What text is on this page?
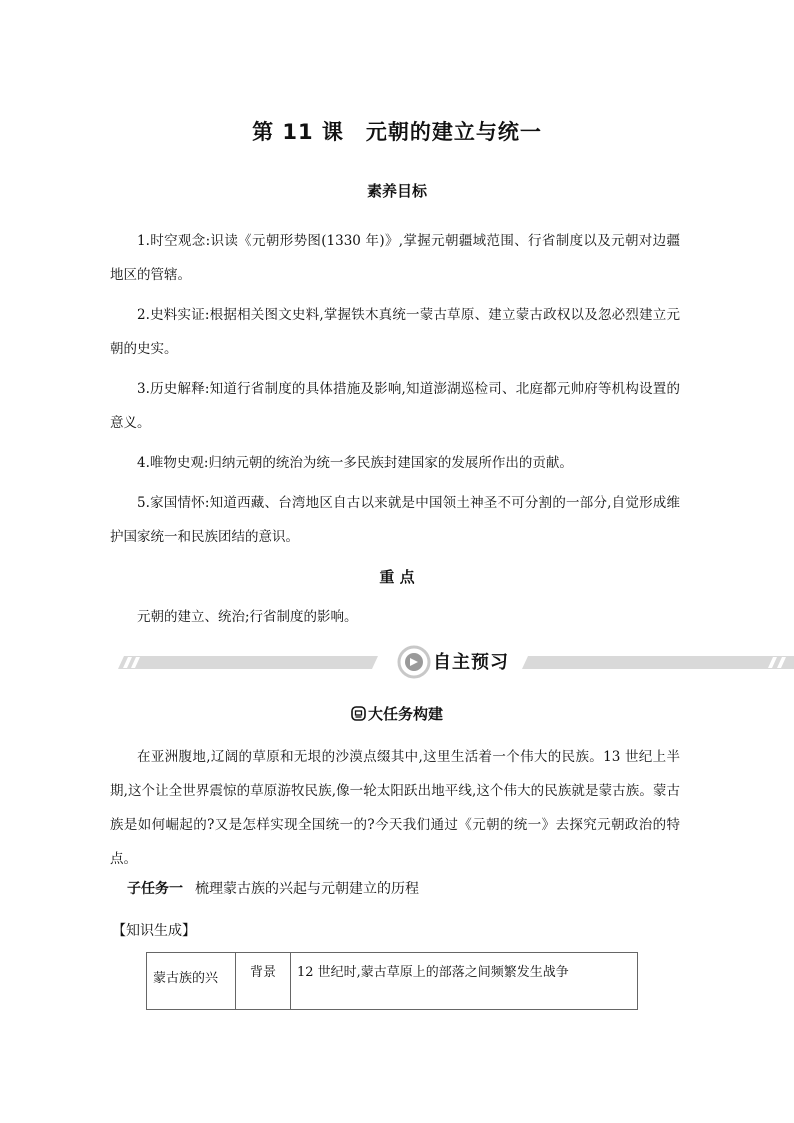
第 11 课　元朝的建立与统一
素养目标

1.时空观念:识读《元朝形势图(1330 年)》,掌握元朝疆域范围、行省制度以及元朝对边疆地区的管辖。

2.史料实证:根据相关图文史料,掌握铁木真统一蒙古草原、建立蒙古政权以及忽必烈建立元朝的史实。

3.历史解释:知道行省制度的具体措施及影响,知道澎湖巡检司、北庭都元帅府等机构设置的意义。

4.唯物史观:归纳元朝的统治为统一多民族封建国家的发展所作出的贡献。

5.家国情怀:知道西藏、台湾地区自古以来就是中国领土神圣不可分割的一部分,自觉形成维护国家统一和民族团结的意识。

重 点

元朝的建立、统治;行省制度的影响。

自主预习
大任务构建

在亚洲腹地,辽阔的草原和无垠的沙漠点缀其中,这里生活着一个伟大的民族。13 世纪上半期,这个让全世界震惊的草原游牧民族,像一轮太阳跃出地平线,这个伟大的民族就是蒙古族。蒙古族是如何崛起的?又是怎样实现全国统一的?今天我们通过《元朝的统一》去探究元朝政治的特点。

子任务一 梳理蒙古族的兴起与元朝建立的历程
【知识生成】
蒙古族的兴	背景	12 世纪时,蒙古草原上的部落之间频繁发生战争
